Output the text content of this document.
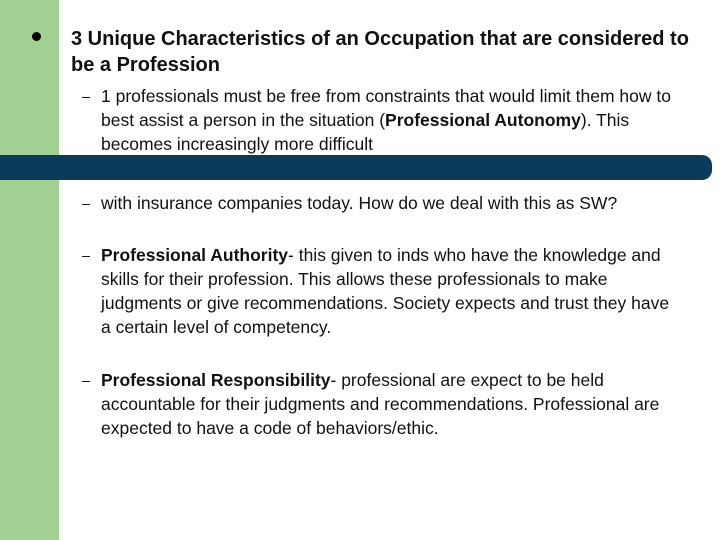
3 Unique Characteristics of an Occupation that are considered to be a Profession
– 1 professionals must be free from constraints that would limit them how to best assist a person in the situation (Professional Autonomy). This becomes increasingly more difficult
– with insurance companies today. How do we deal with this as SW?
– Professional Authority- this given to inds who have the knowledge and skills for their profession. This allows these professionals to make judgments or give recommendations. Society expects and trust they have a certain level of competency.
– Professional Responsibility- professional are expect to be held accountable for their judgments and recommendations. Professional are expected to have a code of behaviors/ethic.
